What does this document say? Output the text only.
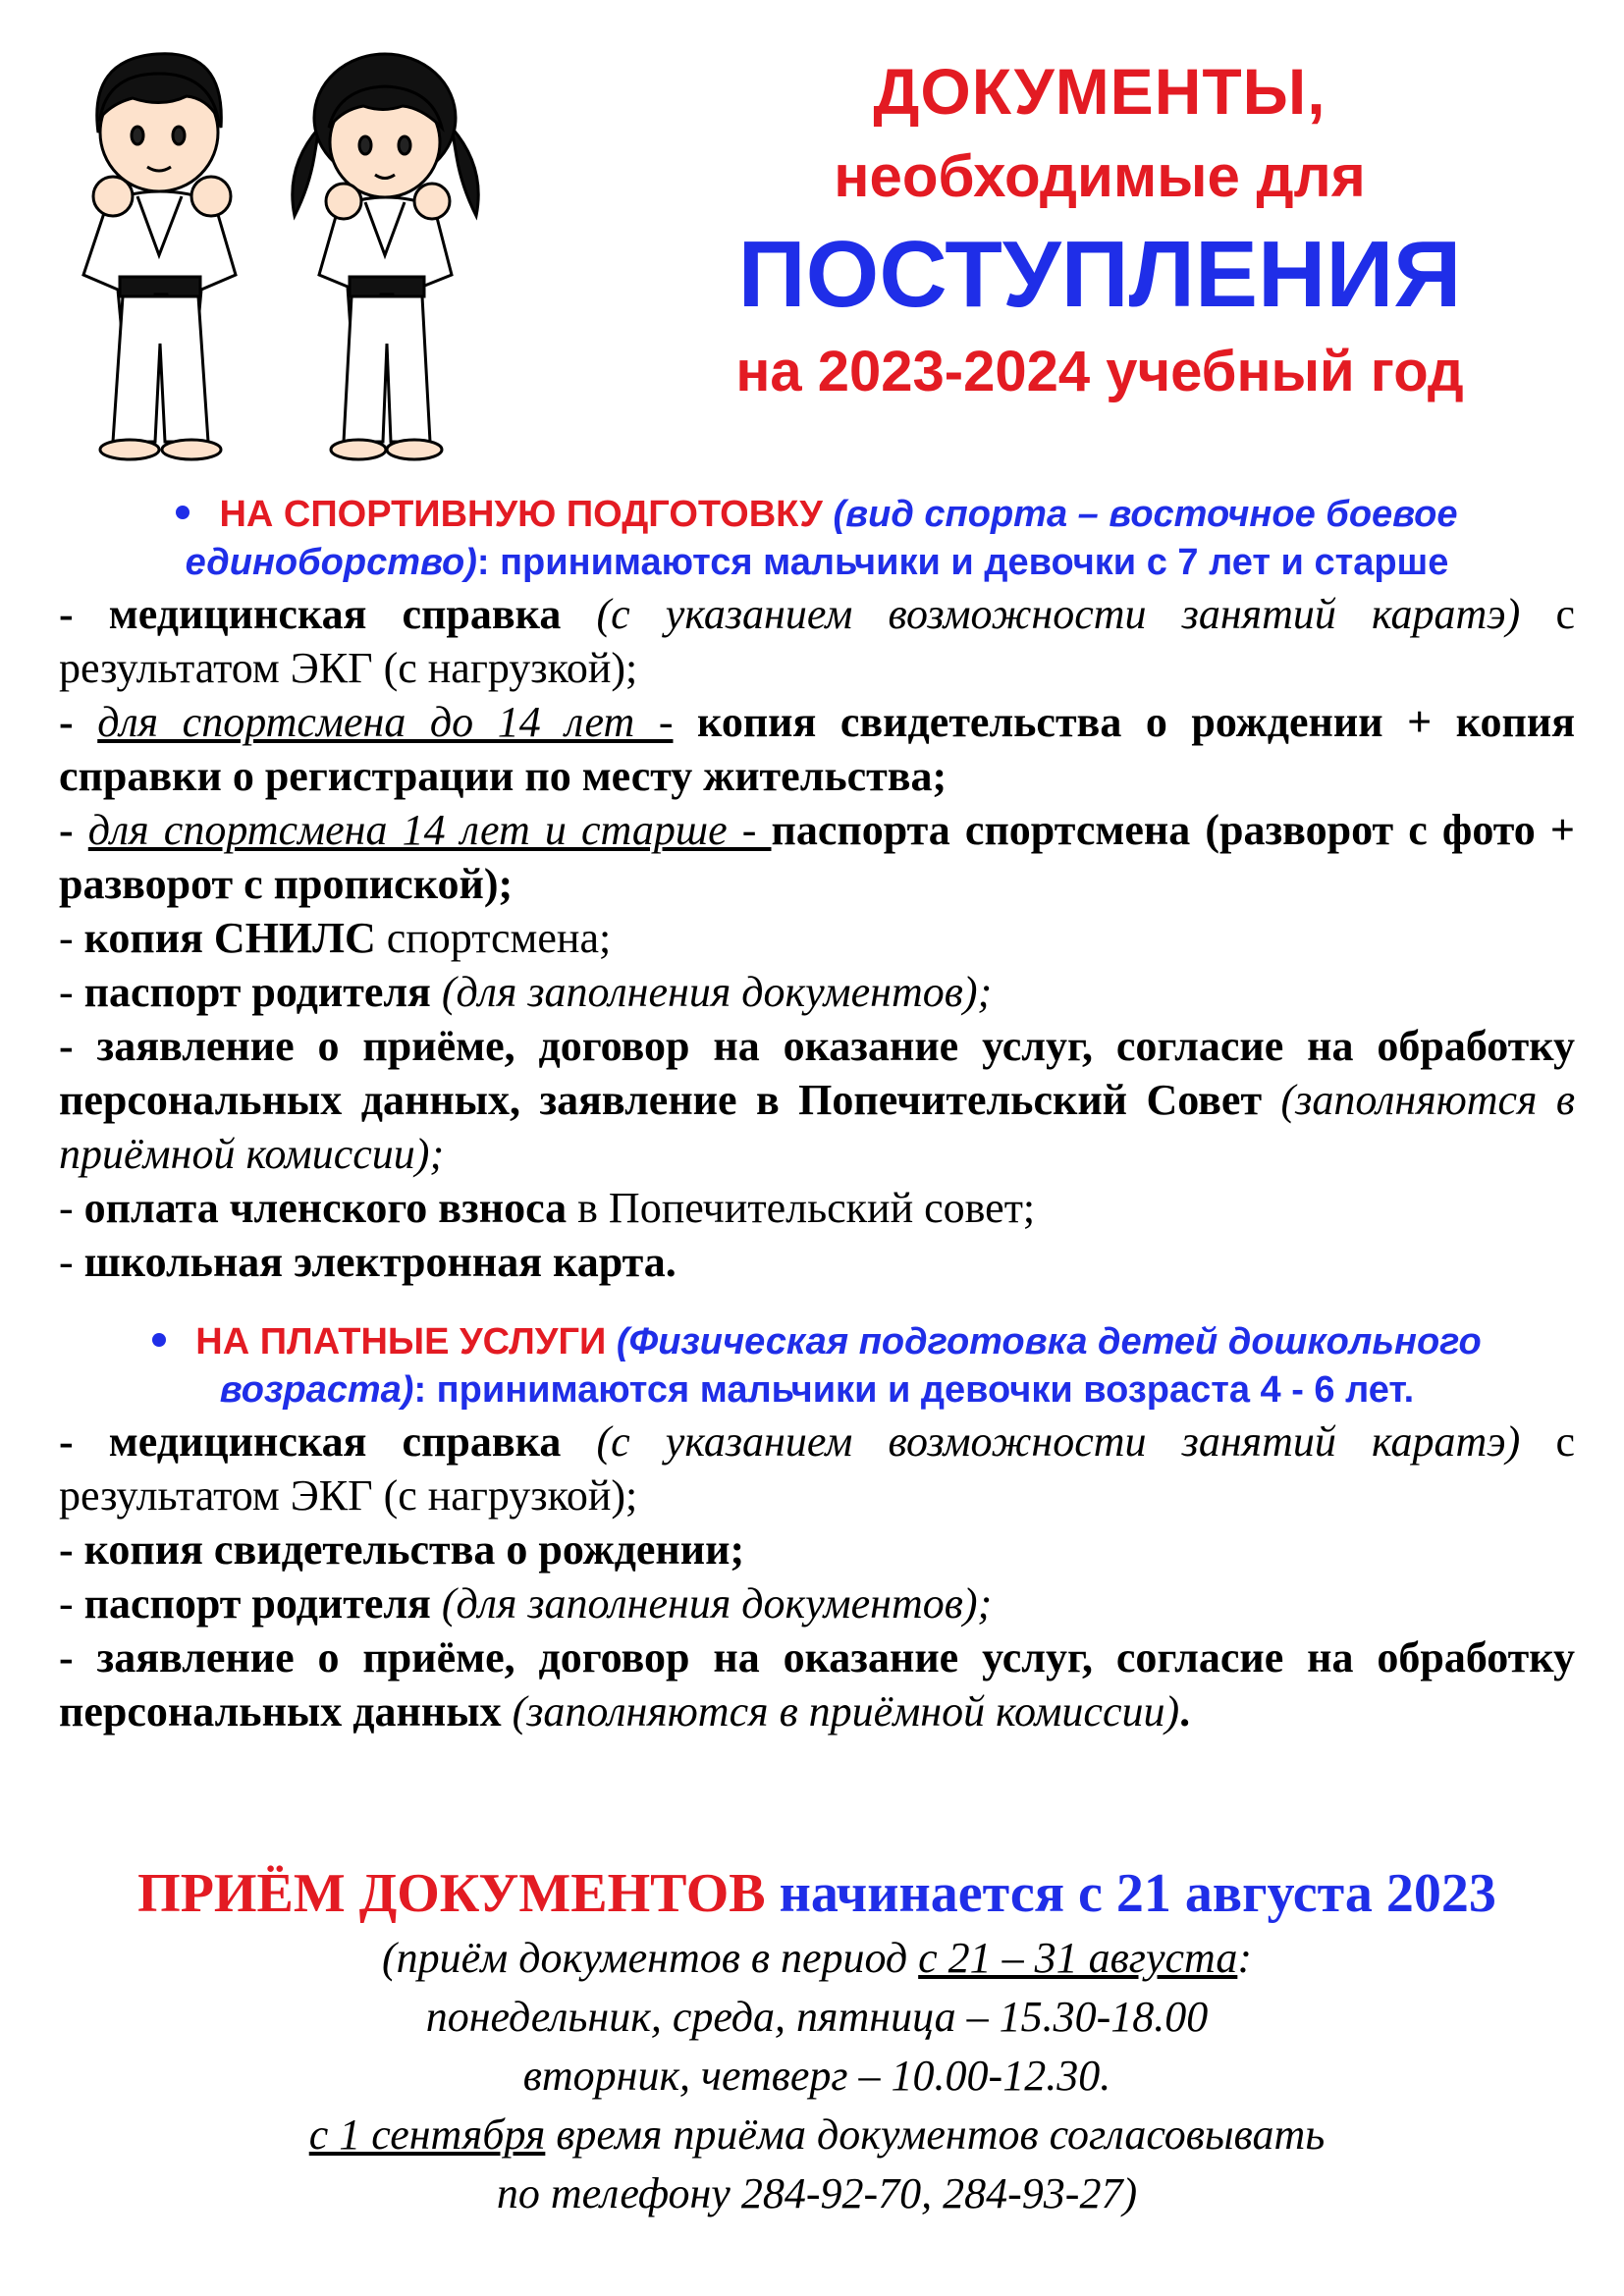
ДОКУМЕНТЫ,
необходимые для
ПОСТУПЛЕНИЯ
на 2023-2024 учебный год
НА СПОРТИВНУЮ ПОДГОТОВКУ (вид спорта – восточное боевое единоборство): принимаются мальчики и девочки с 7 лет и старше
- медицинская справка (с указанием возможности занятий каратэ) с результатом ЭКГ (с нагрузкой);
- для спортсмена до 14 лет - копия свидетельства о рождении + копия справки о регистрации по месту жительства;
- для спортсмена 14 лет и старше - паспорта спортсмена (разворот с фото + разворот с пропиской);
- копия СНИЛС спортсмена;
- паспорт родителя (для заполнения документов);
- заявление о приёме, договор на оказание услуг, согласие на обработку персональных данных, заявление в Попечительский Совет (заполняются в приёмной комиссии);
- оплата членского взноса в Попечительский совет;
- школьная электронная карта.
НА ПЛАТНЫЕ УСЛУГИ (Физическая подготовка детей дошкольного возраста): принимаются мальчики и девочки возраста 4 - 6 лет.
- медицинская справка (с указанием возможности занятий каратэ) с результатом ЭКГ (с нагрузкой);
- копия свидетельства о рождении;
- паспорт родителя (для заполнения документов);
- заявление о приёме, договор на оказание услуг, согласие на обработку персональных данных (заполняются в приёмной комиссии).
ПРИЁМ ДОКУМЕНТОВ начинается с 21 августа 2023
(приём документов в период с 21 – 31 августа:
понедельник, среда, пятница – 15.30-18.00
вторник, четверг – 10.00-12.30.
с 1 сентября время приёма документов согласовывать
по телефону 284-92-70, 284-93-27)
